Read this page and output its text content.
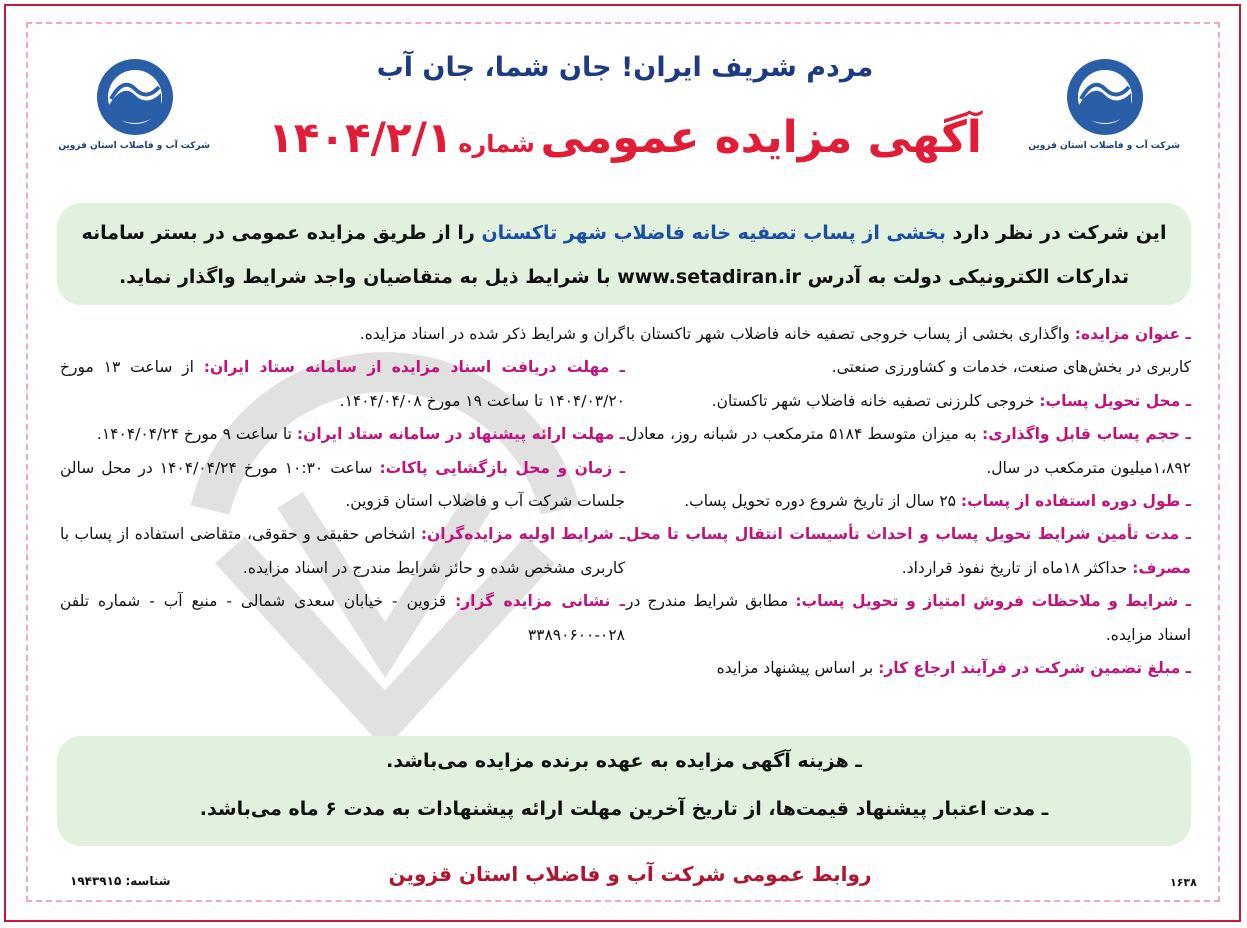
شرکت آب و فاضلاب استان قزوین
شرکت آب و فاضلاب استان قزوین
مردم شریف ایران! جان شما، جان آب
آگهی مزایده عمومی شماره ۱۴۰۴/۲/۱
این شرکت در نظر دارد بخشی از پساب تصفیه خانه فاضلاب شهر تاکستان را از طریق مزایده عمومی در بستر سامانه تدارکات الکترونیکی دولت به آدرس www.setadiran.ir با شرایط ذیل به متقاضیان واجد شرایط واگذار نماید.

ـ عنوان مزایده: واگذاری بخشی از پساب خروجی تصفیه خانه فاضلاب شهر تاکستان با کاربری در بخش‌های صنعت، خدمات و کشاورزی صنعتی.

ـ محل تحویل پساب: خروجی کلرزنی تصفیه خانه فاضلاب شهر تاکستان.

ـ حجم پساب قابل واگذاری: به میزان متوسط ۵۱۸۴ مترمکعب در شبانه روز، معادل ۱،۸۹۲میلیون مترمکعب در سال.

ـ طول دوره استفاده از پساب: ۲۵ سال از تاریخ شروع دوره تحویل پساب.

ـ مدت تأمین شرایط تحویل پساب و احداث تأسیسات انتقال پساب تا محل مصرف: حداکثر ۱۸ماه از تاریخ نفوذ قرارداد.

ـ شرایط و ملاحظات فروش امتیاز و تحویل پساب: مطابق شرایط مندرج در اسناد مزایده.

ـ مبلغ تضمین شرکت در فرآیند ارجاع کار: بر اساس پیشنهاد مزایده

گران و شرایط ذکر شده در اسناد مزایده.

ـ مهلت دریافت اسناد مزایده از سامانه ستاد ایران: از ساعت ۱۳ مورخ ۱۴۰۴/۰۳/۲۰ تا ساعت ۱۹ مورخ ۱۴۰۴/۰۴/۰۸.

ـ مهلت ارائه پیشنهاد در سامانه ستاد ایران: تا ساعت ۹ مورخ ۱۴۰۴/۰۴/۲۴.

ـ زمان و محل بازگشایی پاکات: ساعت ۱۰:۳۰ مورخ ۱۴۰۴/۰۴/۲۴ در محل سالن جلسات شرکت آب و فاضلاب استان قزوین.

ـ شرایط اولیه مزایده‌گران: اشخاص حقیقی و حقوقی، متقاضی استفاده از پساب با کاربری مشخص شده و حائز شرایط مندرج در اسناد مزایده.

ـ نشانی مزایده گزار: قزوین - خیابان سعدی شمالی - منبع آب - شماره تلفن ۰۲۸-۳۳۸۹۰۶۰۰

ـ هزینه آگهی مزایده به عهده برنده مزایده می‌باشد.

ـ مدت اعتبار پیشنهاد قیمت‌ها، از تاریخ آخرین مهلت ارائه پیشنهادات به مدت ۶ ماه می‌باشد.

روابط عمومی شرکت آب و فاضلاب استان قزوین
شناسه: ۱۹۴۳۹۱۵	۱۶۳۸
